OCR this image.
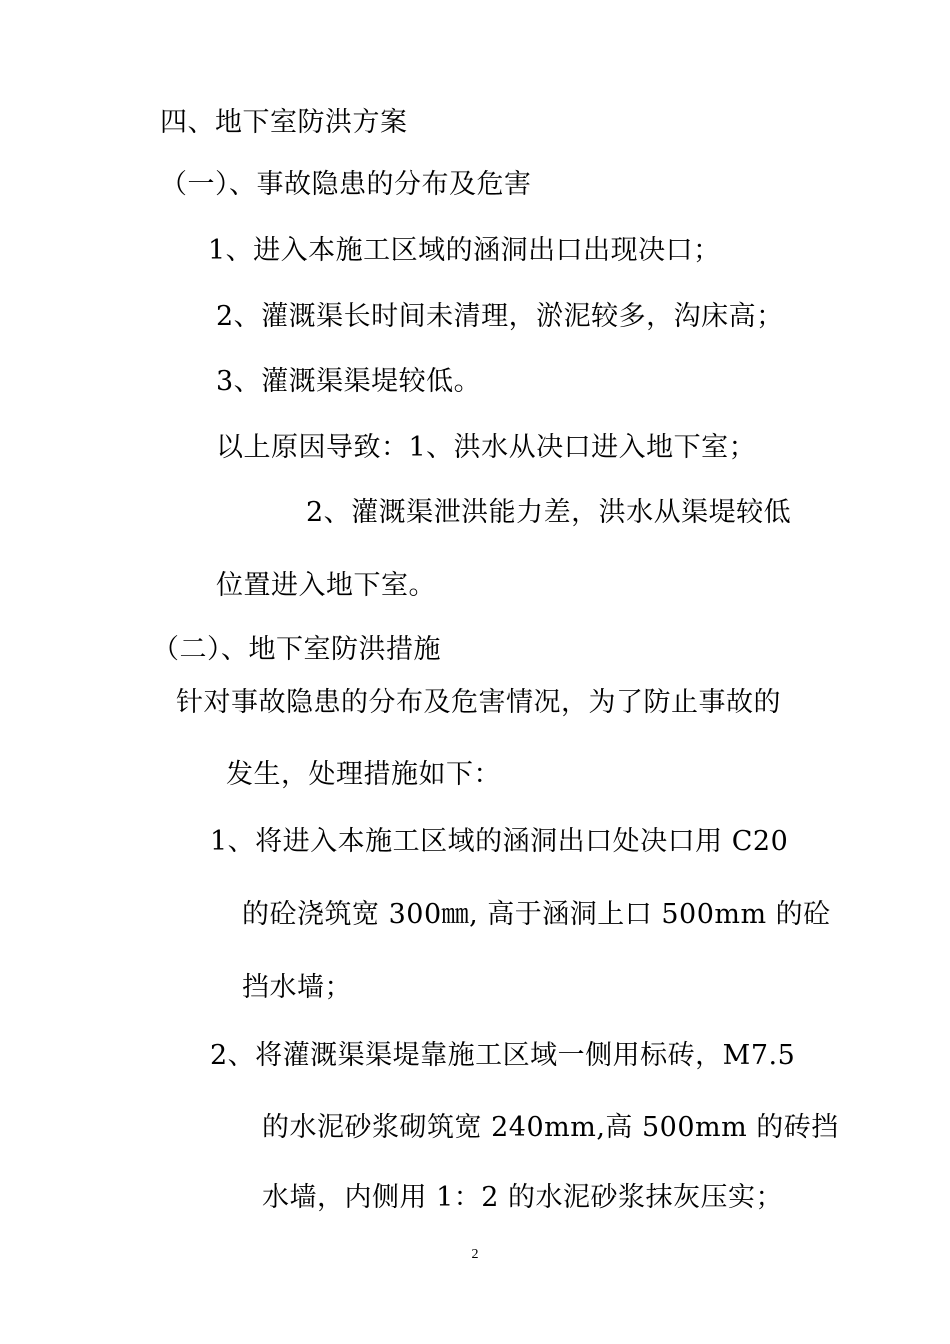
四、地下室防洪方案
（一）、事故隐患的分布及危害
1、进入本施工区域的涵洞出口出现决口；
2、灌溉渠长时间未清理，淤泥较多，沟床高；
3、灌溉渠渠堤较低。
以上原因导致：1、洪水从决口进入地下室；
2、灌溉渠泄洪能力差，洪水从渠堤较低
位置进入地下室。
（二）、地下室防洪措施
针对事故隐患的分布及危害情况，为了防止事故的
发生，处理措施如下：
1、将进入本施工区域的涵洞出口处决口用 C20
的砼浇筑宽 300㎜, 高于涵洞上口 500mm 的砼
挡水墙；
2、将灌溉渠渠堤靠施工区域一侧用标砖，M7.5
的水泥砂浆砌筑宽 240mm,高 500mm 的砖挡
水墙，内侧用 1：2 的水泥砂浆抹灰压实；
2
